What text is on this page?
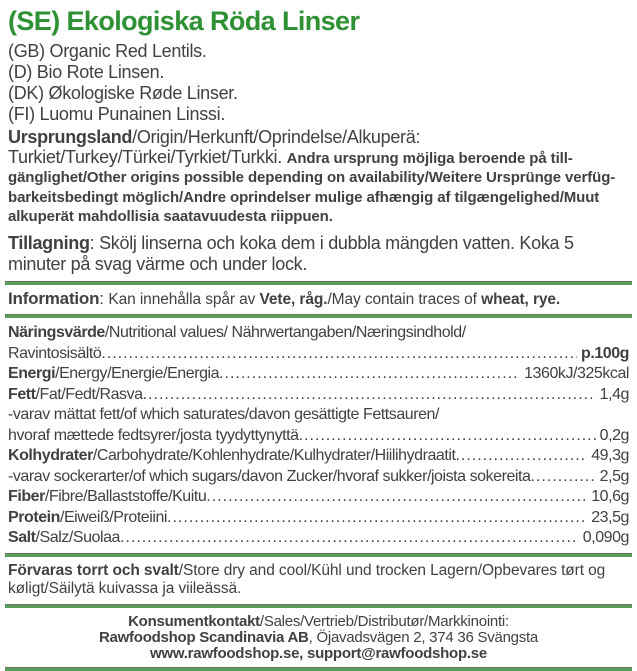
(SE) Ekologiska Röda Linser
(GB) Organic Red Lentils.
(D) Bio Rote Linsen.
(DK) Økologiske Røde Linser.
(FI) Luomu Punainen Linssi.

Ursprungsland/Origin/Herkunft/Oprindelse/Alkuperä:
Turkiet/Turkey/Türkei/Tyrkiet/Turkki. Andra ursprung möjliga beroende på tillgänglighet/Other origins possible depending on availability/Weitere Ursprünge verfügbarkeitsbedingt möglich/Andre oprindelser mulige afhængig af tilgængelighed/Muut alkuperät mahdollisia saatavuudesta riippuen.

Tillagning: Skölj linserna och koka dem i dubbla mängden vatten. Koka 5 minuter på svag värme och under lock.

Information: Kan innehålla spår av Vete, råg./May contain traces of wheat, rye.

Näringsvärde/Nutritional values/ Nährwertangaben/Næringsindhold/
Ravintosisältö .....	p.100g
Energi/Energy/Energie/Energia .....	1360kJ/325kcal
Fett/Fat/Fedt/Rasva .....	1,4g
-varav mättat fett/of which saturates/davon gesättigte Fettsauren/
hvoraf mættede fedtsyrer/josta tyydyttynyttä .....	0,2g
Kolhydrater/Carbohydrate/Kohlenhydrate/Kulhydrater/Hiilihydraatit .....	49,3g
-varav sockerarter/of which sugars/davon Zucker/hvoraf sukker/joista sokereita .....	2,5g
Fiber/Fibre/Ballaststoffe/Kuitu .....	10,6g
Protein/Eiweiß/Proteiini .....	23,5g
Salt/Salz/Suolaa .....	0,090g

Förvaras torrt och svalt/Store dry and cool/Kühl und trocken Lagern/Opbevares tørt og køligt/Säilytä kuivassa ja viileässä.

Konsumentkontakt/Sales/Vertrieb/Distributør/Markkinointi:
Rawfoodshop Scandinavia AB, Öjavadsvägen 2, 374 36 Svängsta
www.rawfoodshop.se, support@rawfoodshop.se
